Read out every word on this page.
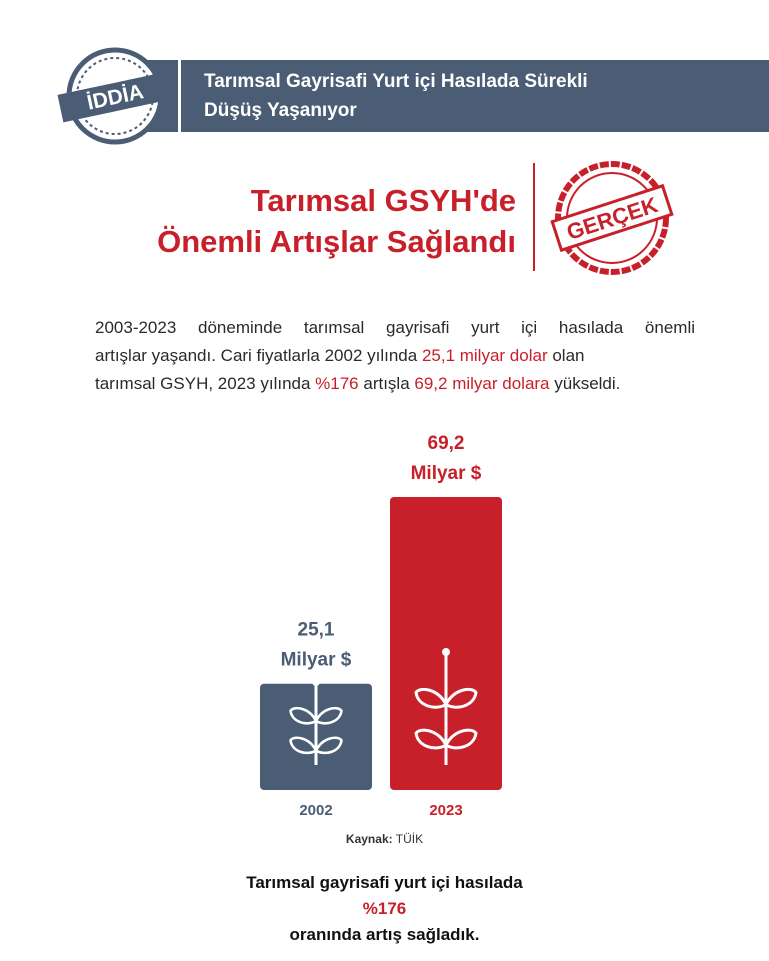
Tarımsal Gayrisafi Yurt içi Hasılada Sürekli
Düşüş Yaşanıyor
İDDİA
Tarımsal GSYH'de
Önemli Artışlar Sağlandı GERÇEK
2003-2023 döneminde tarımsal gayrisafi yurt içi hasılada önemli
artışlar yaşandı. Cari fiyatlarla 2002 yılında 25,1 milyar dolar olan
tarımsal GSYH, 2023 yılında %176 artışla 69,2 milyar dolara yükseldi.
25,1
Milyar $
2002
69,2
Milyar $
2023
Kaynak: TÜİK
Tarımsal gayrisafi yurt içi hasılada
%176
oranında artış sağladık.
